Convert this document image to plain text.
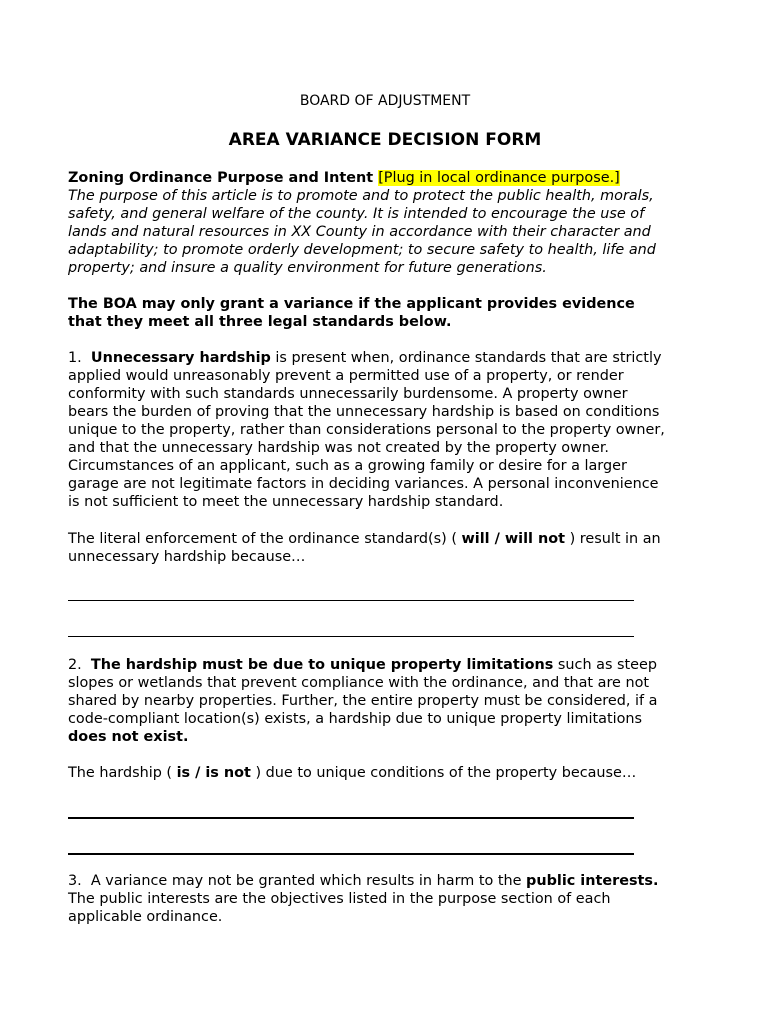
BOARD OF ADJUSTMENT
AREA VARIANCE DECISION FORM
Zoning Ordinance Purpose and Intent [Plug in local ordinance purpose.]
The purpose of this article is to promote and to protect the public health, morals,
safety, and general welfare of the county. It is intended to encourage the use of
lands and natural resources in XX County in accordance with their character and
adaptability; to promote orderly development; to secure safety to health, life and
property; and insure a quality environment for future generations.
The BOA may only grant a variance if the applicant provides evidence
that they meet all three legal standards below.
1. Unnecessary hardship is present when, ordinance standards that are strictly
applied would unreasonably prevent a permitted use of a property, or render
conformity with such standards unnecessarily burdensome. A property owner
bears the burden of proving that the unnecessary hardship is based on conditions
unique to the property, rather than considerations personal to the property owner,
and that the unnecessary hardship was not created by the property owner.
Circumstances of an applicant, such as a growing family or desire for a larger
garage are not legitimate factors in deciding variances. A personal inconvenience
is not sufficient to meet the unnecessary hardship standard.
The literal enforcement of the ordinance standard(s) ( will / will not ) result in an
unnecessary hardship because…
2. The hardship must be due to unique property limitations such as steep
slopes or wetlands that prevent compliance with the ordinance, and that are not
shared by nearby properties. Further, the entire property must be considered, if a
code-compliant location(s) exists, a hardship due to unique property limitations
does not exist.
The hardship ( is / is not ) due to unique conditions of the property because…
3.  A variance may not be granted which results in harm to the public interests.
The public interests are the objectives listed in the purpose section of each
applicable ordinance.
